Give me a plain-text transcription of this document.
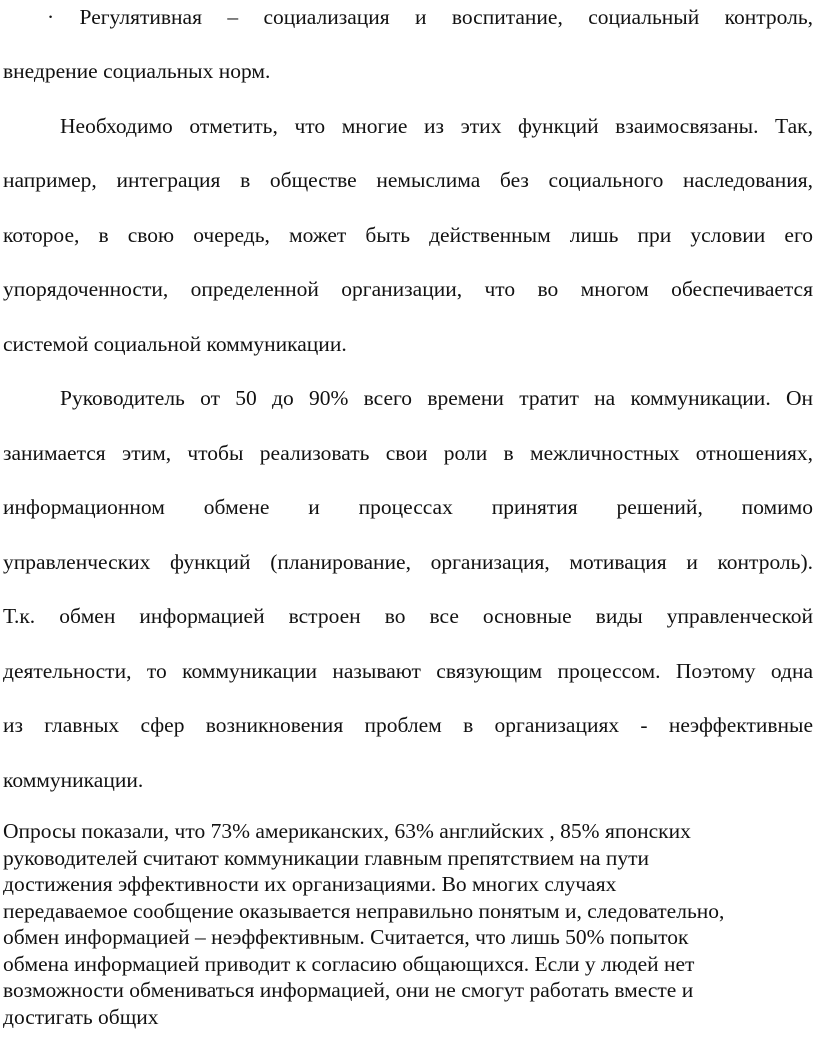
· Регулятивная – социализация и воспитание, социальный контроль,
внедрение социальных норм.
Необходимо отметить, что многие из этих функций взаимосвязаны. Так,
например, интеграция в обществе немыслима без социального наследования,
которое, в свою очередь, может быть действенным лишь при условии его
упорядоченности, определенной организации, что во многом обеспечивается
системой социальной коммуникации.
Руководитель от 50 до 90% всего времени тратит на коммуникации. Он
занимается этим, чтобы реализовать свои роли в межличностных отношениях,
информационном обмене и процессах принятия решений, помимо
управленческих функций (планирование, организация, мотивация и контроль).
Т.к. обмен информацией встроен во все основные виды управленческой
деятельности, то коммуникации называют связующим процессом. Поэтому одна
из главных сфер возникновения проблем в организациях - неэффективные
коммуникации.
Опросы показали, что 73% американских, 63% английских , 85% японских
руководителей считают коммуникации главным препятствием на пути
достижения эффективности их организациями. Во многих случаях
передаваемое сообщение оказывается неправильно понятым и, следовательно,
обмен информацией – неэффективным. Считается, что лишь 50% попыток
обмена информацией приводит к согласию общающихся. Если у людей нет
возможности обмениваться информацией, они не смогут работать вместе и
достигать общих
